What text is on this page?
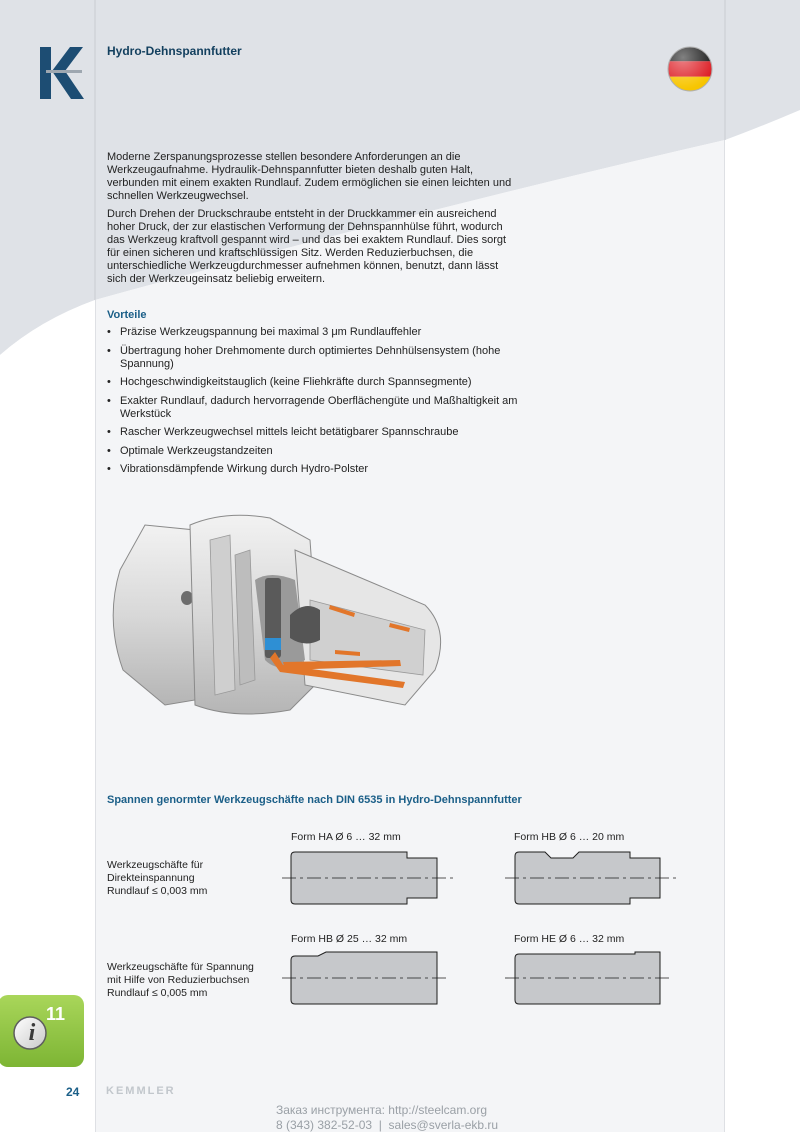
Hydro-Dehnspannfutter
Moderne Zerspanungsprozesse stellen besondere Anforderungen an die Werkzeugaufnahme. Hydraulik-Dehnspannfutter bieten deshalb guten Halt, verbunden mit einem exakten Rundlauf. Zudem ermöglichen sie einen leichten und schnellen Werkzeugwechsel.
Durch Drehen der Druckschraube entsteht in der Druckkammer ein ausreichend hoher Druck, der zur elastischen Verformung der Dehnspannhülse führt, wodurch das Werkzeug kraftvoll gespannt wird – und das bei exaktem Rundlauf. Dies sorgt für einen sicheren und kraftschlüssigen Sitz. Werden Reduzierbuchsen, die unterschiedliche Werkzeugdurchmesser aufnehmen können, benutzt, dann lässt sich der Werkzeugeinsatz beliebig erweitern.
Vorteile
• Präzise Werkzeugspannung bei maximal 3 μm Rundlauffehler
• Übertragung hoher Drehmomente durch optimiertes Dehnhülsensystem (hohe Spannung)
• Hochgeschwindigkeitstauglich (keine Fliehkräfte durch Spannsegmente)
• Exakter Rundlauf, dadurch hervorragende Oberflächengüte und Maßhaltigkeit am Werkstück
• Rascher Werkzeugwechsel mittels leicht betätigbarer Spannschraube
• Optimale Werkzeugstandzeiten
• Vibrationsdämpfende Wirkung durch Hydro-Polster
Spannen genormter Werkzeugschäfte nach DIN 6535 in Hydro-Dehnspannfutter
Form HA Ø 6 … 32 mm	Form HB Ø 6 … 20 mm
Werkzeugschäfte für
Direkteinspannung
Rundlauf ≤ 0,003 mm
Form HB Ø 25 … 32 mm	Form HE Ø 6 … 32 mm
Werkzeugschäfte für Spannung
mit Hilfe von Reduzierbuchsen
Rundlauf ≤ 0,005 mm
i
11
24 KEMMLER
Заказ инструмента: http://steelcam.org
8 (343) 382-52-03  |  sales@sverla-ekb.ru
